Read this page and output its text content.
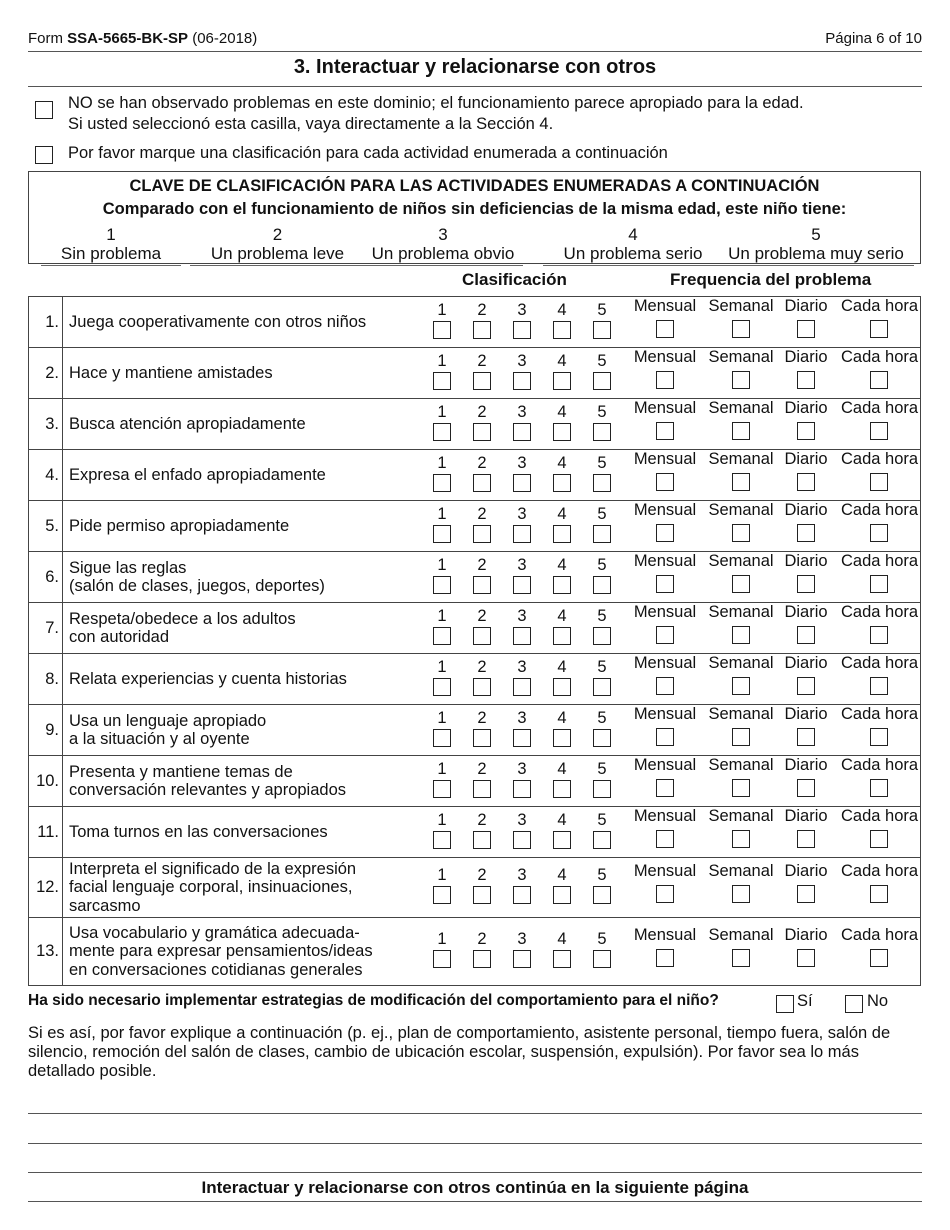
Form SSA-5665-BK-SP (06-2018)	Página 6 of 10
3. Interactuar y relacionarse con otros
NO se han observado problemas en este dominio; el funcionamiento parece apropiado para la edad.
Si usted seleccionó esta casilla, vaya directamente a la Sección 4.
Por favor marque una clasificación para cada actividad enumerada a continuación
CLAVE DE CLASIFICACIÓN PARA LAS ACTIVIDADES ENUMERADAS A CONTINUACIÓN
Comparado con el funcionamiento de niños sin deficiencias de la misma edad, este niño tiene:
1
Sin problema
2
Un problema leve
3
Un problema obvio
4
Un problema serio
5
Un problema muy serio
Clasificación	Frequencia del problema
1. Juega cooperativamente con otros niños
1	2	3	4	5	Mensual Semanal Diario Cada hora
2. Hace y mantiene amistades
1	2	3	4	5	Mensual Semanal Diario Cada hora
3. Busca atención apropiadamente
1	2	3	4	5	Mensual Semanal Diario Cada hora
4. Expresa el enfado apropiadamente
1	2	3	4	5	Mensual Semanal Diario Cada hora
5. Pide permiso apropiadamente
1	2	3	4	5	Mensual Semanal Diario Cada hora
6. Sigue las reglas
(salón de clases, juegos, deportes)
1	2	3	4	5	Mensual Semanal Diario Cada hora
7. Respeta/obedece a los adultos
con autoridad
1	2	3	4	5	Mensual Semanal Diario Cada hora
8. Relata experiencias y cuenta historias
1	2	3	4	5	Mensual Semanal Diario Cada hora
9. Usa un lenguaje apropiado
a la situación y al oyente
1	2	3	4	5	Mensual Semanal Diario Cada hora
10. Presenta y mantiene temas de
conversación relevantes y apropiados
1	2	3	4	5	Mensual Semanal Diario Cada hora
11. Toma turnos en las conversaciones
1	2	3	4	5	Mensual Semanal Diario Cada hora
12.
Interpreta el significado de la expresión
facial lenguaje corporal, insinuaciones,
sarcasmo
1	2	3	4	5	Mensual Semanal Diario Cada hora
13.
Usa vocabulario y gramática adecuada-
mente para expresar pensamientos/ideas
en conversaciones cotidianas generales
1	2	3	4	5	Mensual Semanal Diario Cada hora
Ha sido necesario implementar estrategias de modificación del comportamiento para el niño?	Sí	No
Si es así, por favor explique a continuación (p. ej., plan de comportamiento, asistente personal, tiempo fuera, salón de silencio, remoción del salón de clases, cambio de ubicación escolar, suspensión, expulsión). Por favor sea lo más detallado posible.
Interactuar y relacionarse con otros continúa en la siguiente página
